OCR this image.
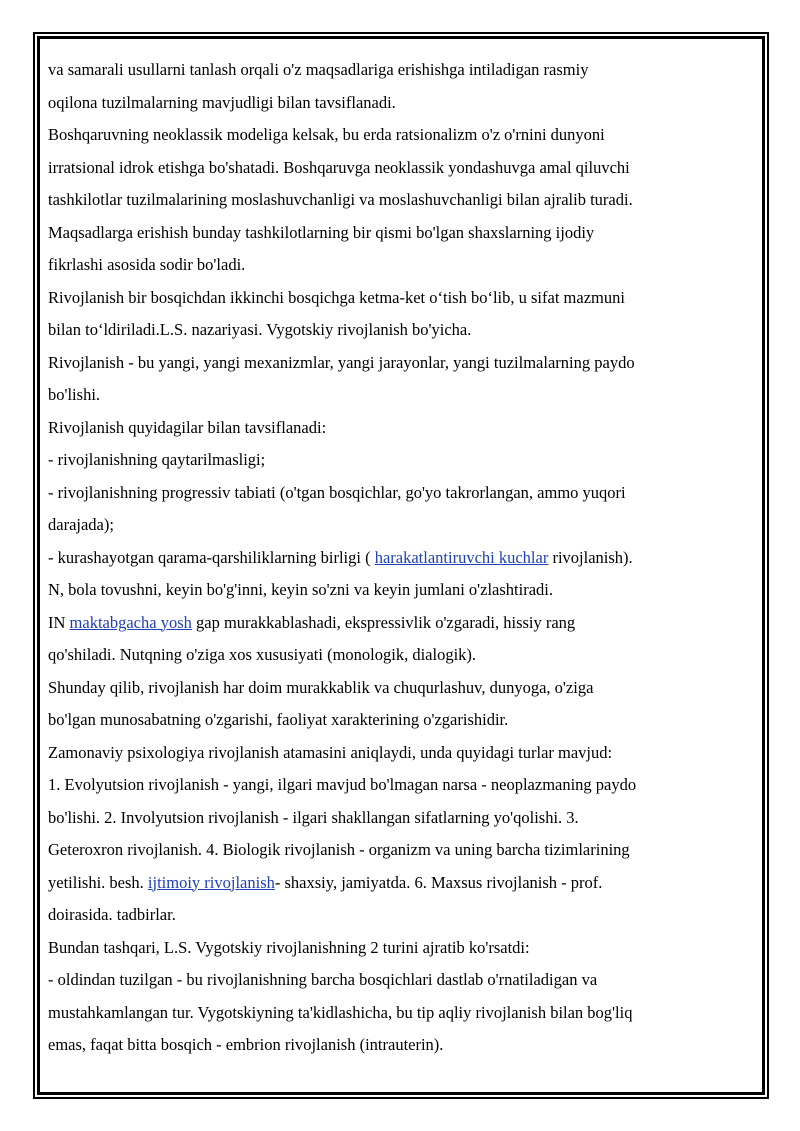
va samarali usullarni tanlash orqali o'z maqsadlariga erishishga intiladigan rasmiy

oqilona tuzilmalarning mavjudligi bilan tavsiflanadi.

Boshqaruvning neoklassik modeliga kelsak, bu erda ratsionalizm o'z o'rnini dunyoni

irratsional idrok etishga bo'shatadi. Boshqaruvga neoklassik yondashuvga amal qiluvchi

tashkilotlar tuzilmalarining moslashuvchanligi va moslashuvchanligi bilan ajralib turadi.

Maqsadlarga erishish bunday tashkilotlarning bir qismi bo'lgan shaxslarning ijodiy

fikrlashi asosida sodir bo'ladi.

Rivojlanish bir bosqichdan ikkinchi bosqichga ketma-ket o‘tish bo‘lib, u sifat mazmuni

bilan to‘ldiriladi.L.S. nazariyasi. Vygotskiy rivojlanish bo'yicha.

Rivojlanish - bu yangi, yangi mexanizmlar, yangi jarayonlar, yangi tuzilmalarning paydo

bo'lishi.

Rivojlanish quyidagilar bilan tavsiflanadi:

- rivojlanishning qaytarilmasligi;

- rivojlanishning progressiv tabiati (o'tgan bosqichlar, go'yo takrorlangan, ammo yuqori

darajada);

- kurashayotgan qarama-qarshiliklarning birligi ( harakatlantiruvchi kuchlar rivojlanish).

N, bola tovushni, keyin bo'g'inni, keyin so'zni va keyin jumlani o'zlashtiradi.

IN maktabgacha yosh gap murakkablashadi, ekspressivlik o'zgaradi, hissiy rang

qo'shiladi. Nutqning o'ziga xos xususiyati (monologik, dialogik).

Shunday qilib, rivojlanish har doim murakkablik va chuqurlashuv, dunyoga, o'ziga

bo'lgan munosabatning o'zgarishi, faoliyat xarakterining o'zgarishidir.

Zamonaviy psixologiya rivojlanish atamasini aniqlaydi, unda quyidagi turlar mavjud:

1. Evolyutsion rivojlanish - yangi, ilgari mavjud bo'lmagan narsa - neoplazmaning paydo

bo'lishi. 2. Involyutsion rivojlanish - ilgari shakllangan sifatlarning yo'qolishi. 3.

Geteroxron rivojlanish. 4. Biologik rivojlanish - organizm va uning barcha tizimlarining

yetilishi. besh. ijtimoiy rivojlanish- shaxsiy, jamiyatda. 6. Maxsus rivojlanish - prof.

doirasida. tadbirlar.

Bundan tashqari, L.S. Vygotskiy rivojlanishning 2 turini ajratib ko'rsatdi:

- oldindan tuzilgan - bu rivojlanishning barcha bosqichlari dastlab o'rnatiladigan va

mustahkamlangan tur. Vygotskiyning ta'kidlashicha, bu tip aqliy rivojlanish bilan bog'liq

emas, faqat bitta bosqich - embrion rivojlanish (intrauterin).
